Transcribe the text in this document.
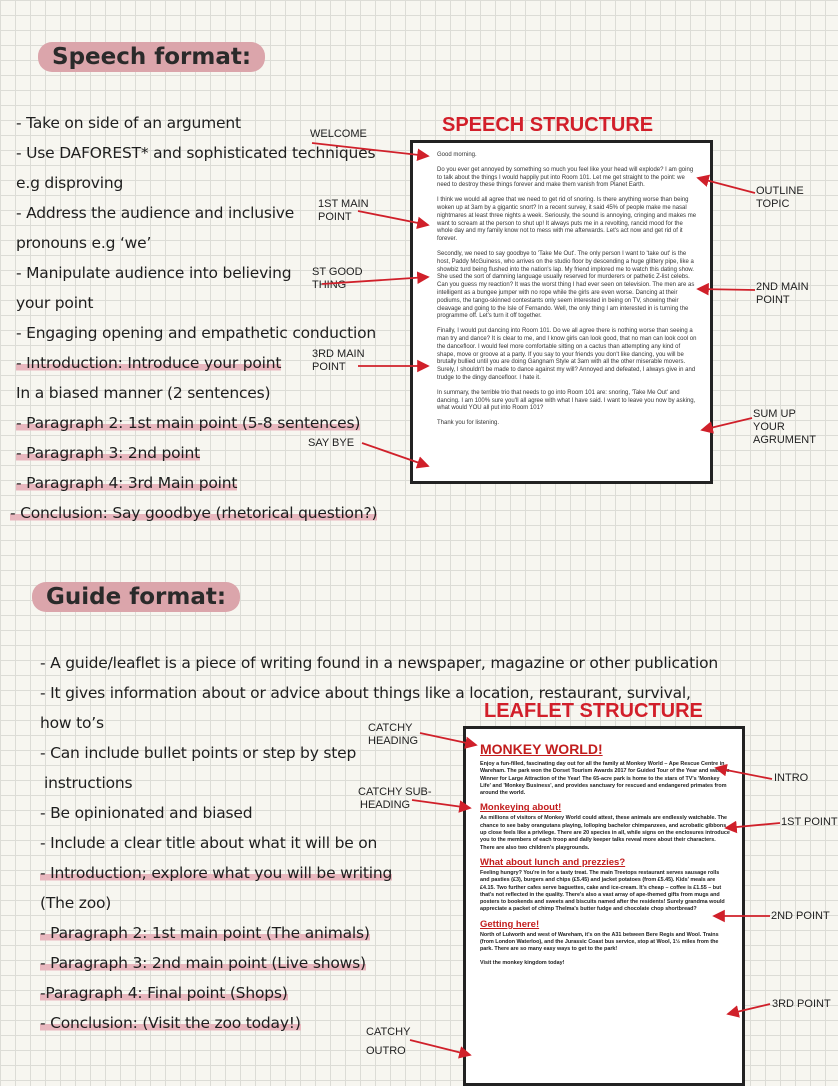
Speech format:
- Take on side of an argument
- Use DAFOREST* and sophisticated techniques
e.g disproving
- Address the audience and inclusive
pronouns e.g ‘we’
- Manipulate audience into believing
your point
- Engaging opening and empathetic conduction
- Introduction: Introduce your point
In a biased manner (2 sentences)
- Paragraph 2: 1st main point (5-8 sentences)
- Paragraph 3: 2nd point
- Paragraph 4: 3rd Main point
- Conclusion: Say goodbye (rhetorical question?)
SPEECH STRUCTURE

Good morning.

Do you ever get annoyed by something so much you feel like your head will explode? I am going to talk about the things I would happily put into Room 101. Let me get straight to the point: we need to destroy these things forever and make them vanish from Planet Earth.

I think we would all agree that we need to get rid of snoring. Is there anything worse than being woken up at 3am by a gigantic snort? In a recent survey, it said 45% of people make me nasal nightmares at least three nights a week. Seriously, the sound is annoying, cringing and makes me want to scream at the person to shut up! It always puts me in a revolting, rancid mood for the whole day and my family know not to mess with me afterwards. Let's act now and get rid of it forever.

Secondly, we need to say goodbye to 'Take Me Out'. The only person I want to 'take out' is the host, Paddy McGuiness, who arrives on the studio floor by descending a huge glittery pipe, like a showbiz turd being flushed into the nation's lap. My friend implored me to watch this dating show. She used the sort of damning language usually reserved for murderers or pathetic Z-list celebs. Can you guess my reaction? It was the worst thing I had ever seen on television. The men are as intelligent as a bungee jumper with no rope while the girls are even worse. Dancing at their podiums, the tango-skinned contestants only seem interested in being on TV, showing their cleavage and going to the Isle of Fernando. Well, the only thing I am interested in is turning the programme off. Let's turn it off together.

Finally, I would put dancing into Room 101. Do we all agree there is nothing worse than seeing a man try and dance? It is clear to me, and I know girls can look good, that no man can look cool on the dancefloor. I would feel more comfortable sitting on a cactus than attempting any kind of shape, move or groove at a party. If you say to your friends you don't like dancing, you will be brutally bullied until you are doing Gangnam Style at 3am with all the other miserable movers. Surely, I shouldn't be made to dance against my will? Annoyed and defeated, I always give in and trudge to the dingy dancefloor. I hate it.

In summary, the terrible trio that needs to go into Room 101 are: snoring, 'Take Me Out' and dancing. I am 100% sure you'll all agree with what I have said. I want to leave you now by asking, what would YOU all put into Room 101?

Thank you for listening.

WELCOME
1ST MAIN
POINT
ST GOOD
THING
3RD MAIN
POINT
SAY BYE
OUTLINE
TOPIC
2ND MAIN
POINT
SUM UP
YOUR
AGRUMENT
Guide format:
- A guide/leaflet is a piece of writing found in a newspaper, magazine or other publication
- It gives information about or advice about things like a location, restaurant, survival,
how to’s
- Can include bullet points or step by step
instructions
- Be opinionated and biased
- Include a clear title about what it will be on
- Introduction; explore what you will be writing
(The zoo)
- Paragraph 2: 1st main point (The animals)
- Paragraph 3: 2nd main point (Live shows)
-Paragraph 4: Final point (Shops)
- Conclusion: (Visit the zoo today!)
LEAFLET STRUCTURE
MONKEY WORLD!
Enjoy a fun-filled, fascinating day out for all the family at Monkey World – Ape Rescue Centre in Wareham. The park won the Dorset Tourism Awards 2017 for Guided Tour of the Year and was the Winner for Large Attraction of the Year! The 65-acre park is home to the stars of TV's 'Monkey Life' and 'Monkey Business', and provides sanctuary for rescued and endangered primates from around the world.
Monkeying about!
As millions of visitors of Monkey World could attest, these animals are endlessly watchable. The chance to see baby orangutans playing, lolloping bachelor chimpanzees, and acrobatic gibbons up close feels like a privilege. There are 20 species in all, while signs on the enclosures introduce you to the members of each troop and daily keeper talks reveal more about their characters. There are also two children's playgrounds.
What about lunch and prezzies?
Feeling hungry? You're in for a tasty treat. The main Treetops restaurant serves sausage rolls and pasties (£3), burgers and chips (£5.45) and jacket potatoes (from £5.45). Kids' meals are £4.15. Two further cafes serve baguettes, cake and ice-cream. It's cheap – coffee is £1.55 – but that's not reflected in the quality. There's also a vast array of ape-themed gifts from mugs and posters to bookends and sweets and biscuits named after the residents! Surely grandma would appreciate a packet of chimp Thelma's butter fudge and chocolate chop shortbread?
Getting here!
North of Lulworth and west of Wareham, it's on the A31 between Bere Regis and Wool. Trains (from London Waterloo), and the Jurassic Coast bus service, stop at Wool, 1½ miles from the park. There are so many easy ways to get to the park!
Visit the monkey kingdom today!
CATCHY
HEADING
CATCHY SUB-
HEADING
CATCHY
OUTRO
INTRO
1ST POINT
2ND POINT
3RD POINT
